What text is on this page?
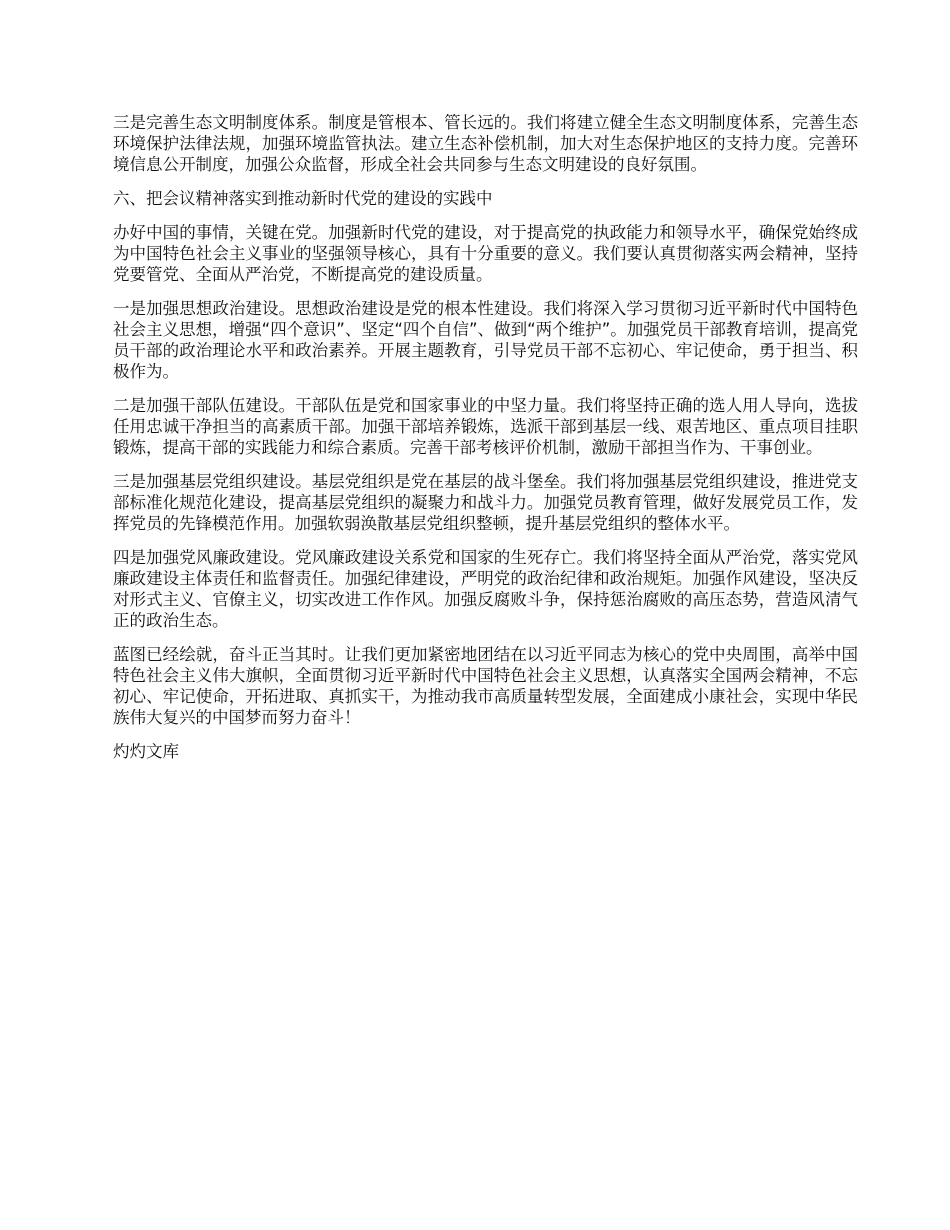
三是完善生态文明制度体系。制度是管根本、管长远的。我们将建立健全生态文明制度体系，完善生态环境保护法律法规，加强环境监管执法。建立生态补偿机制，加大对生态保护地区的支持力度。完善环境信息公开制度，加强公众监督，形成全社会共同参与生态文明建设的良好氛围。

六、把会议精神落实到推动新时代党的建设的实践中

办好中国的事情，关键在党。加强新时代党的建设，对于提高党的执政能力和领导水平，确保党始终成为中国特色社会主义事业的坚强领导核心，具有十分重要的意义。我们要认真贯彻落实两会精神，坚持党要管党、全面从严治党，不断提高党的建设质量。

一是加强思想政治建设。思想政治建设是党的根本性建设。我们将深入学习贯彻习近平新时代中国特色社会主义思想，增强“四个意识”、坚定“四个自信”、做到“两个维护”。加强党员干部教育培训，提高党员干部的政治理论水平和政治素养。开展主题教育，引导党员干部不忘初心、牢记使命，勇于担当、积极作为。

二是加强干部队伍建设。干部队伍是党和国家事业的中坚力量。我们将坚持正确的选人用人导向，选拔任用忠诚干净担当的高素质干部。加强干部培养锻炼，选派干部到基层一线、艰苦地区、重点项目挂职锻炼，提高干部的实践能力和综合素质。完善干部考核评价机制，激励干部担当作为、干事创业。

三是加强基层党组织建设。基层党组织是党在基层的战斗堡垒。我们将加强基层党组织建设，推进党支部标准化规范化建设，提高基层党组织的凝聚力和战斗力。加强党员教育管理，做好发展党员工作，发挥党员的先锋模范作用。加强软弱涣散基层党组织整顿，提升基层党组织的整体水平。

四是加强党风廉政建设。党风廉政建设关系党和国家的生死存亡。我们将坚持全面从严治党，落实党风廉政建设主体责任和监督责任。加强纪律建设，严明党的政治纪律和政治规矩。加强作风建设，坚决反对形式主义、官僚主义，切实改进工作作风。加强反腐败斗争，保持惩治腐败的高压态势，营造风清气正的政治生态。

蓝图已经绘就，奋斗正当其时。让我们更加紧密地团结在以习近平同志为核心的党中央周围，高举中国特色社会主义伟大旗帜，全面贯彻习近平新时代中国特色社会主义思想，认真落实全国两会精神，不忘初心、牢记使命，开拓进取、真抓实干，为推动我市高质量转型发展，全面建成小康社会，实现中华民族伟大复兴的中国梦而努力奋斗！

灼灼文库
